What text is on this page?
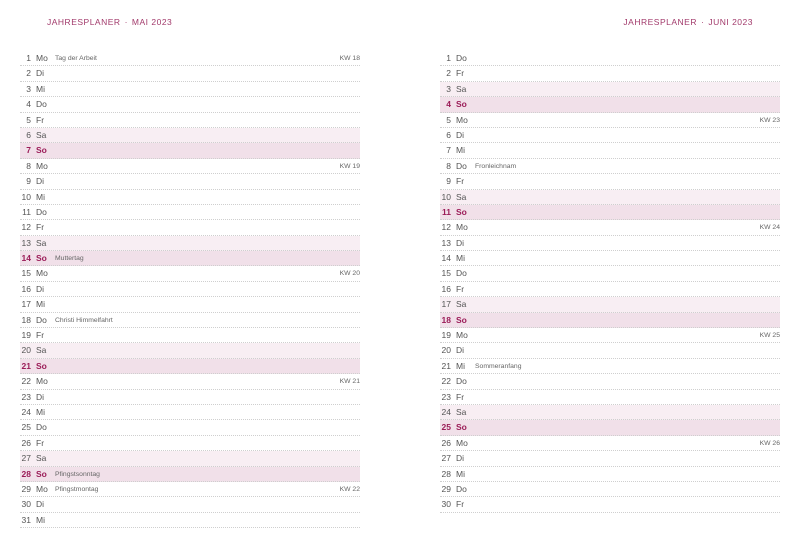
JAHRESPLANER · MAI 2023
1 Mo Tag der Arbeit	KW 18
2 Di
3 Mi
4 Do
5 Fr
6 Sa
7 So
8 Mo	KW 19
9 Di
10 Mi
11 Do
12 Fr
13 Sa
14 So Muttertag
15 Mo	KW 20
16 Di
17 Mi
18 Do Christi Himmelfahrt
19 Fr
20 Sa
21 So
22 Mo	KW 21
23 Di
24 Mi
25 Do
26 Fr
27 Sa
28 So Pfingstsonntag
29 Mo Pfingstmontag	KW 22
30 Di
31 Mi
JAHRESPLANER · JUNI 2023
1 Do
2 Fr
3 Sa
4 So
5 Mo	KW 23
6 Di
7 Mi
8 Do Fronleichnam
9 Fr
10 Sa
11 So
12 Mo	KW 24
13 Di
14 Mi
15 Do
16 Fr
17 Sa
18 So
19 Mo	KW 25
20 Di
21 Mi Sommeranfang
22 Do
23 Fr
24 Sa
25 So
26 Mo	KW 26
27 Di
28 Mi
29 Do
30 Fr
